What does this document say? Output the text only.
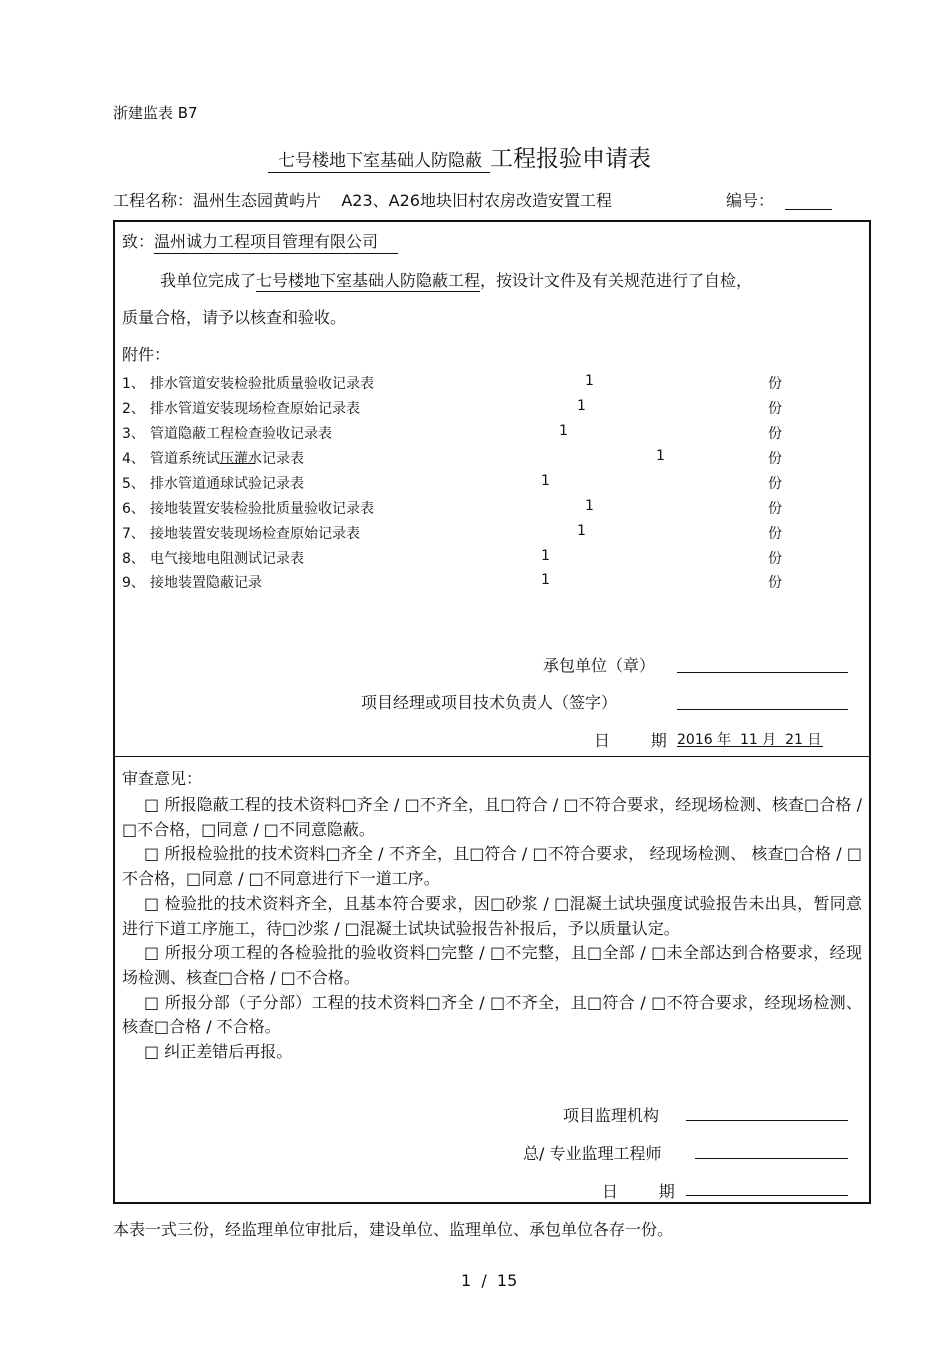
浙建监表 B7
七号楼地下室基础人防隐蔽 工程报验申请表
工程名称：温州生态园黄屿片    A23、A26地块旧村农房改造安置工程	编号：
致：温州诚力工程项目管理有限公司
我单位完成了七号楼地下室基础人防隐蔽工程，按设计文件及有关规范进行了自检，
质量合格，请予以核查和验收。
附件：
1、 排水管道安装检验批质量验收记录表	1	份
2、 排水管道安装现场检查原始记录表	1	份
3、 管道隐蔽工程检查验收记录表	1	份
4、 管道系统试压灌水记录表	1	份
5、 排水管道通球试验记录表	1	份
6、 接地装置安装检验批质量验收记录表	1	份
7、 接地装置安装现场检查原始记录表	1	份
8、 电气接地电阻测试记录表	1	份
9、 接地装置隐蔽记录	1	份
承包单位（章）
项目经理或项目技术负责人（签字）
日        期 2016 年  11 月  21 日
审查意见：

□ 所报隐蔽工程的技术资料□齐全 / □不齐全，且□符合 / □不符合要求，经现场检测、核查□合格 / □不合格，□同意 / □不同意隐蔽。

□ 所报检验批的技术资料□齐全 / 不齐全，且□符合 / □不符合要求， 经现场检测、 核查□合格 / □不合格，□同意 / □不同意进行下一道工序。

□ 检验批的技术资料齐全，且基本符合要求，因□砂浆 / □混凝土试块强度试验报告未出具，暂同意进行下道工序施工，待□沙浆 / □混凝土试块试验报告补报后，予以质量认定。

□ 所报分项工程的各检验批的验收资料□完整 / □不完整，且□全部 / □未全部达到合格要求，经现场检测、核查□合格 / □不合格。

□ 所报分部（子分部）工程的技术资料□齐全 / □不齐全，且□符合 / □不符合要求，经现场检测、核查□合格 / 不合格。

□ 纠正差错后再报。

项目监理机构
总/ 专业监理工程师
日        期
本表一式三份，经监理单位审批后，建设单位、监理单位、承包单位各存一份。
1  /  15
